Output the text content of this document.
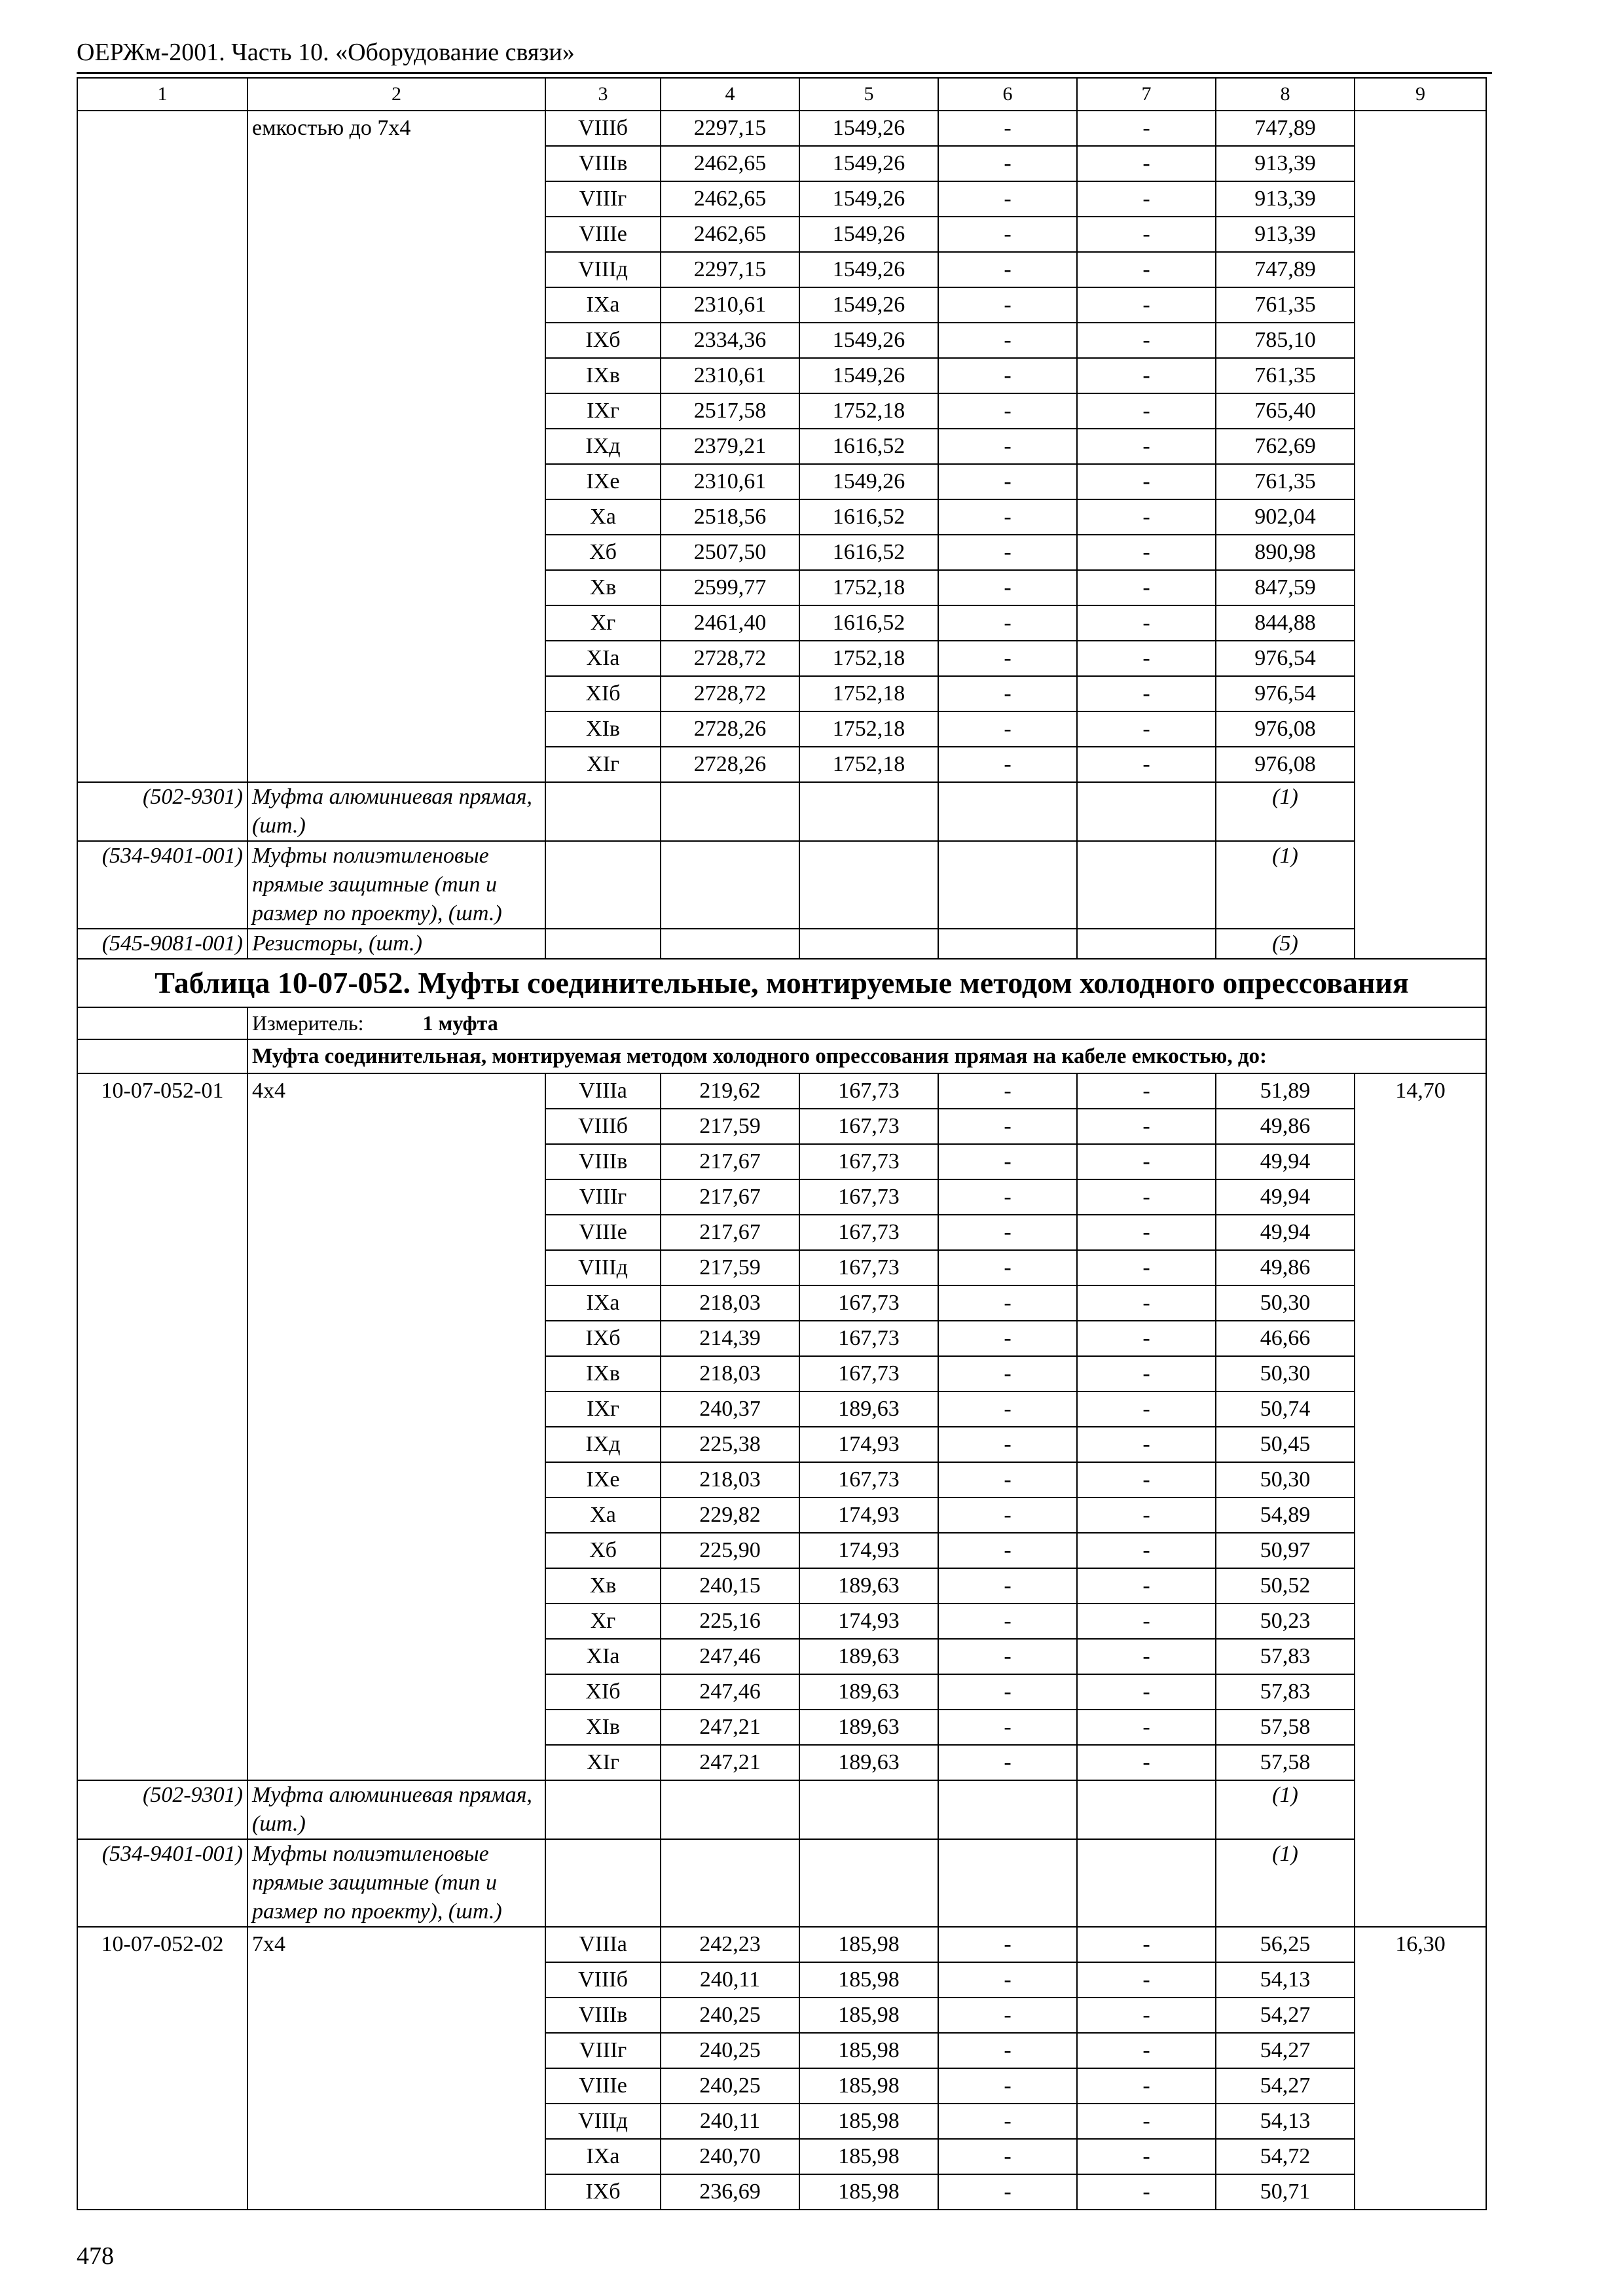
ОЕРЖм-2001. Часть 10. «Оборудование связи»
1	2	3	4	5	6	7	8	9
	емкостью до 7х4	VIIIб	2297,15	1549,26	-	-	747,89	
		VIIIв	2462,65	1549,26	-	-	913,39	
		VIIIг	2462,65	1549,26	-	-	913,39	
		VIIIе	2462,65	1549,26	-	-	913,39	
		VIIIд	2297,15	1549,26	-	-	747,89	
		IXа	2310,61	1549,26	-	-	761,35	
		IXб	2334,36	1549,26	-	-	785,10	
		IXв	2310,61	1549,26	-	-	761,35	
		IXг	2517,58	1752,18	-	-	765,40	
		IXд	2379,21	1616,52	-	-	762,69	
		IXе	2310,61	1549,26	-	-	761,35	
		Xа	2518,56	1616,52	-	-	902,04	
		Xб	2507,50	1616,52	-	-	890,98	
		Xв	2599,77	1752,18	-	-	847,59	
		Xг	2461,40	1616,52	-	-	844,88	
		XIа	2728,72	1752,18	-	-	976,54	
		XIб	2728,72	1752,18	-	-	976,54	
		XIв	2728,26	1752,18	-	-	976,08	
		XIг	2728,26	1752,18	-	-	976,08	
(502-9301)	Муфта алюминиевая прямая, (шт.)						(1)	
(534-9401-001)	Муфты полиэтиленовые прямые защитные (тип и размер по проекту), (шт.)						(1)	
(545-9081-001)	Резисторы, (шт.)						(5)	
Таблица 10-07-052. Муфты соединительные, монтируемые методом холодного опрессования								
	Измеритель: 1 муфта							
	Муфта соединительная, монтируемая методом холодного опрессования прямая на кабеле емкостью, до:							
10-07-052-01	4х4	VIIIа	219,62	167,73	-	-	51,89	14,70
		VIIIб	217,59	167,73	-	-	49,86	
		VIIIв	217,67	167,73	-	-	49,94	
		VIIIг	217,67	167,73	-	-	49,94	
		VIIIе	217,67	167,73	-	-	49,94	
		VIIIд	217,59	167,73	-	-	49,86	
		IXа	218,03	167,73	-	-	50,30	
		IXб	214,39	167,73	-	-	46,66	
		IXв	218,03	167,73	-	-	50,30	
		IXг	240,37	189,63	-	-	50,74	
		IXд	225,38	174,93	-	-	50,45	
		IXе	218,03	167,73	-	-	50,30	
		Xа	229,82	174,93	-	-	54,89	
		Xб	225,90	174,93	-	-	50,97	
		Xв	240,15	189,63	-	-	50,52	
		Xг	225,16	174,93	-	-	50,23	
		XIа	247,46	189,63	-	-	57,83	
		XIб	247,46	189,63	-	-	57,83	
		XIв	247,21	189,63	-	-	57,58	
		XIг	247,21	189,63	-	-	57,58	
(502-9301)	Муфта алюминиевая прямая, (шт.)						(1)	
(534-9401-001)	Муфты полиэтиленовые прямые защитные (тип и размер по проекту), (шт.)						(1)	
10-07-052-02	7х4	VIIIа	242,23	185,98	-	-	56,25	16,30
		VIIIб	240,11	185,98	-	-	54,13	
		VIIIв	240,25	185,98	-	-	54,27	
		VIIIг	240,25	185,98	-	-	54,27	
		VIIIе	240,25	185,98	-	-	54,27	
		VIIIд	240,11	185,98	-	-	54,13	
		IXа	240,70	185,98	-	-	54,72	
		IXб	236,69	185,98	-	-	50,71	
478
